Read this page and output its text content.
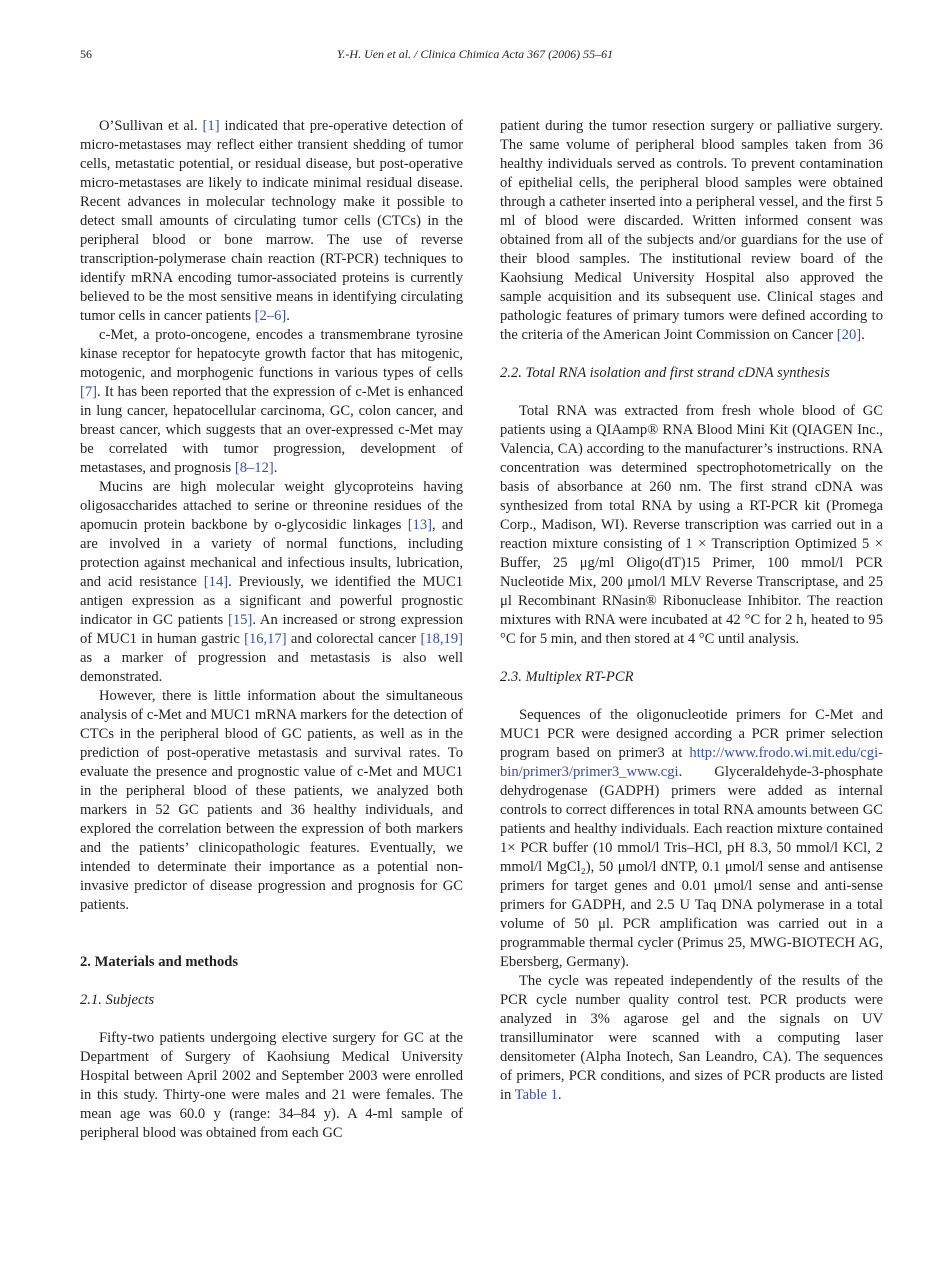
56	Y.-H. Uen et al. / Clinica Chimica Acta 367 (2006) 55–61

O’Sullivan et al. [1] indicated that pre-operative detection of micro-metastases may reflect either transient shedding of tumor cells, metastatic potential, or residual disease, but post-operative micro-metastases are likely to indicate minimal residual disease. Recent advances in molecular technology make it possible to detect small amounts of circulating tumor cells (CTCs) in the peripheral blood or bone marrow. The use of reverse transcription-polymerase chain reaction (RT-PCR) techniques to identify mRNA encoding tumor-associated proteins is currently believed to be the most sensitive means in identifying circulating tumor cells in cancer patients [2–6].

c-Met, a proto-oncogene, encodes a transmembrane tyrosine kinase receptor for hepatocyte growth factor that has mitogenic, motogenic, and morphogenic functions in various types of cells [7]. It has been reported that the expression of c-Met is enhanced in lung cancer, hepatocellular carcinoma, GC, colon cancer, and breast cancer, which suggests that an over-expressed c-Met may be correlated with tumor progression, development of metastases, and prognosis [8–12].

Mucins are high molecular weight glycoproteins having oligosaccharides attached to serine or threonine residues of the apomucin protein backbone by o-glycosidic linkages [13], and are involved in a variety of normal functions, including protection against mechanical and infectious insults, lubrication, and acid resistance [14]. Previously, we identified the MUC1 antigen expression as a significant and powerful prognostic indicator in GC patients [15]. An increased or strong expression of MUC1 in human gastric [16,17] and colorectal cancer [18,19] as a marker of progression and metastasis is also well demonstrated.

However, there is little information about the simultaneous analysis of c-Met and MUC1 mRNA markers for the detection of CTCs in the peripheral blood of GC patients, as well as in the prediction of post-operative metastasis and survival rates. To evaluate the presence and prognostic value of c-Met and MUC1 in the peripheral blood of these patients, we analyzed both markers in 52 GC patients and 36 healthy individuals, and explored the correlation between the expression of both markers and the patients’ clinicopathologic features. Eventually, we intended to determinate their importance as a potential non-invasive predictor of disease progression and prognosis for GC patients.

2. Materials and methods
2.1. Subjects

Fifty-two patients undergoing elective surgery for GC at the Department of Surgery of Kaohsiung Medical University Hospital between April 2002 and September 2003 were enrolled in this study. Thirty-one were males and 21 were females. The mean age was 60.0 y (range: 34–84 y). A 4-ml sample of peripheral blood was obtained from each GC

patient during the tumor resection surgery or palliative surgery. The same volume of peripheral blood samples taken from 36 healthy individuals served as controls. To prevent contamination of epithelial cells, the peripheral blood samples were obtained through a catheter inserted into a peripheral vessel, and the first 5 ml of blood were discarded. Written informed consent was obtained from all of the subjects and/or guardians for the use of their blood samples. The institutional review board of the Kaohsiung Medical University Hospital also approved the sample acquisition and its subsequent use. Clinical stages and pathologic features of primary tumors were defined according to the criteria of the American Joint Commission on Cancer [20].

2.2. Total RNA isolation and first strand cDNA synthesis

Total RNA was extracted from fresh whole blood of GC patients using a QIAamp® RNA Blood Mini Kit (QIAGEN Inc., Valencia, CA) according to the manufacturer’s instructions. RNA concentration was determined spectrophotometrically on the basis of absorbance at 260 nm. The first strand cDNA was synthesized from total RNA by using a RT-PCR kit (Promega Corp., Madison, WI). Reverse transcription was carried out in a reaction mixture consisting of 1 × Transcription Optimized 5 × Buffer, 25 μg/ml Oligo(dT)15 Primer, 100 mmol/l PCR Nucleotide Mix, 200 μmol/l MLV Reverse Transcriptase, and 25 μl Recombinant RNasin® Ribonuclease Inhibitor. The reaction mixtures with RNA were incubated at 42 °C for 2 h, heated to 95 °C for 5 min, and then stored at 4 °C until analysis.

2.3. Multiplex RT-PCR

Sequences of the oligonucleotide primers for C-Met and MUC1 PCR were designed according a PCR primer selection program based on primer3 at http://www.frodo.wi.mit.edu/cgi-bin/primer3/primer3_www.cgi. Glyceraldehyde-3-phosphate dehydrogenase (GADPH) primers were added as internal controls to correct differences in total RNA amounts between GC patients and healthy individuals. Each reaction mixture contained 1× PCR buffer (10 mmol/l Tris–HCl, pH 8.3, 50 mmol/l KCl, 2 mmol/l MgCl₂), 50 μmol/l dNTP, 0.1 μmol/l sense and antisense primers for target genes and 0.01 μmol/l sense and anti-sense primers for GADPH, and 2.5 U Taq DNA polymerase in a total volume of 50 μl. PCR amplification was carried out in a programmable thermal cycler (Primus 25, MWG-BIOTECH AG, Ebersberg, Germany).

The cycle was repeated independently of the results of the PCR cycle number quality control test. PCR products were analyzed in 3% agarose gel and the signals on UV transilluminator were scanned with a computing laser densitometer (Alpha Inotech, San Leandro, CA). The sequences of primers, PCR conditions, and sizes of PCR products are listed in Table 1.
